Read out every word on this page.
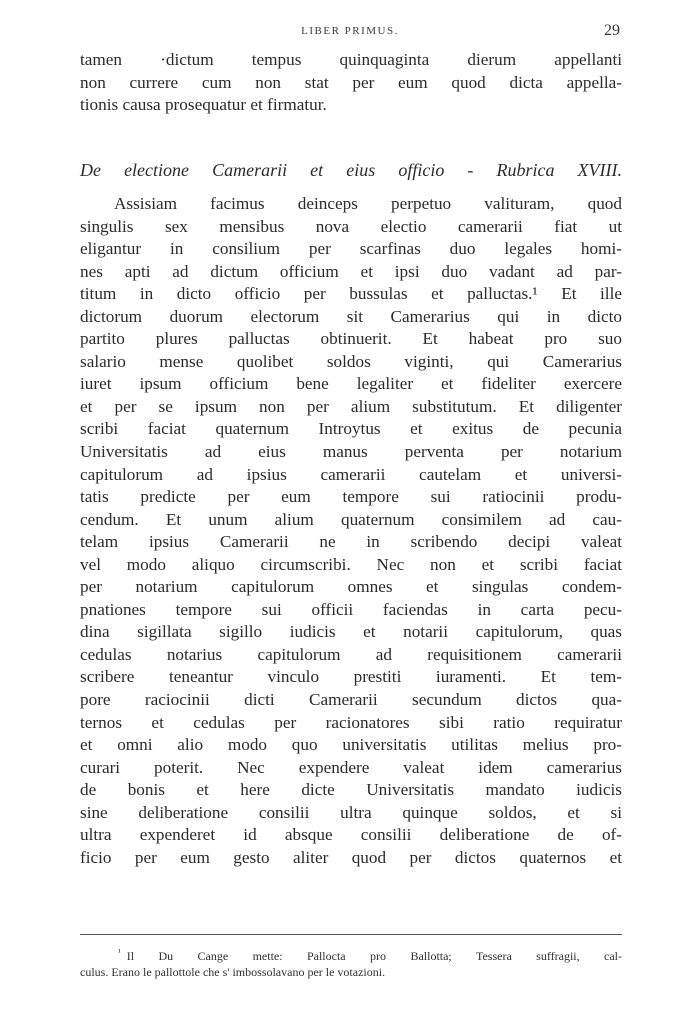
LIBER PRIMUS.	29
tamen ·dictum tempus quinquaginta dierum appellanti
non currere cum non stat per eum quod dicta appella-
tionis causa prosequatur et firmatur.
De electione Camerarii et eius officio - Rubrica XVIII.
Assisiam facimus deinceps perpetuo valituram, quod
singulis sex mensibus nova electio camerarii fiat ut
eligantur in consilium per scarfinas duo legales homi-
nes apti ad dictum officium et ipsi duo vadant ad par-
titum in dicto officio per bussulas et palluctas.¹ Et ille
dictorum duorum electorum sit Camerarius qui in dicto
partito plures palluctas obtinuerit. Et habeat pro suo
salario mense quolibet soldos viginti, qui Camerarius
iuret ipsum officium bene legaliter et fideliter exercere
et per se ipsum non per alium substitutum. Et diligenter
scribi faciat quaternum Introytus et exitus de pecunia
Universitatis ad eius manus perventa per notarium
capitulorum ad ipsius camerarii cautelam et universi-
tatis predicte per eum tempore sui ratiocinii produ-
cendum. Et unum alium quaternum consimilem ad cau-
telam ipsius Camerarii ne in scribendo decipi valeat
vel modo aliquo circumscribi. Nec non et scribi faciat
per notarium capitulorum omnes et singulas condem-
pnationes tempore sui officii faciendas in carta pecu-
dina sigillata sigillo iudicis et notarii capitulorum, quas
cedulas notarius capitulorum ad requisitionem camerarii
scribere teneantur vinculo prestiti iuramenti. Et tem-
pore raciocinii dicti Camerarii secundum dictos qua-
ternos et cedulas per racionatores sibi ratio requiratur
et omni alio modo quo universitatis utilitas melius pro-
curari poterit. Nec expendere valeat idem camerarius
de bonis et here dicte Universitatis mandato iudicis
sine deliberatione consilii ultra quinque soldos, et si
ultra expenderet id absque consilii deliberatione de of-
ficio per eum gesto aliter quod per dictos quaternos et
$^{^1}$ Il Du Cange mette: Pallocta pro Ballotta; Tessera suffragii, cal-
culus. Erano le pallottole che s' imbossolavano per le votazioni.
